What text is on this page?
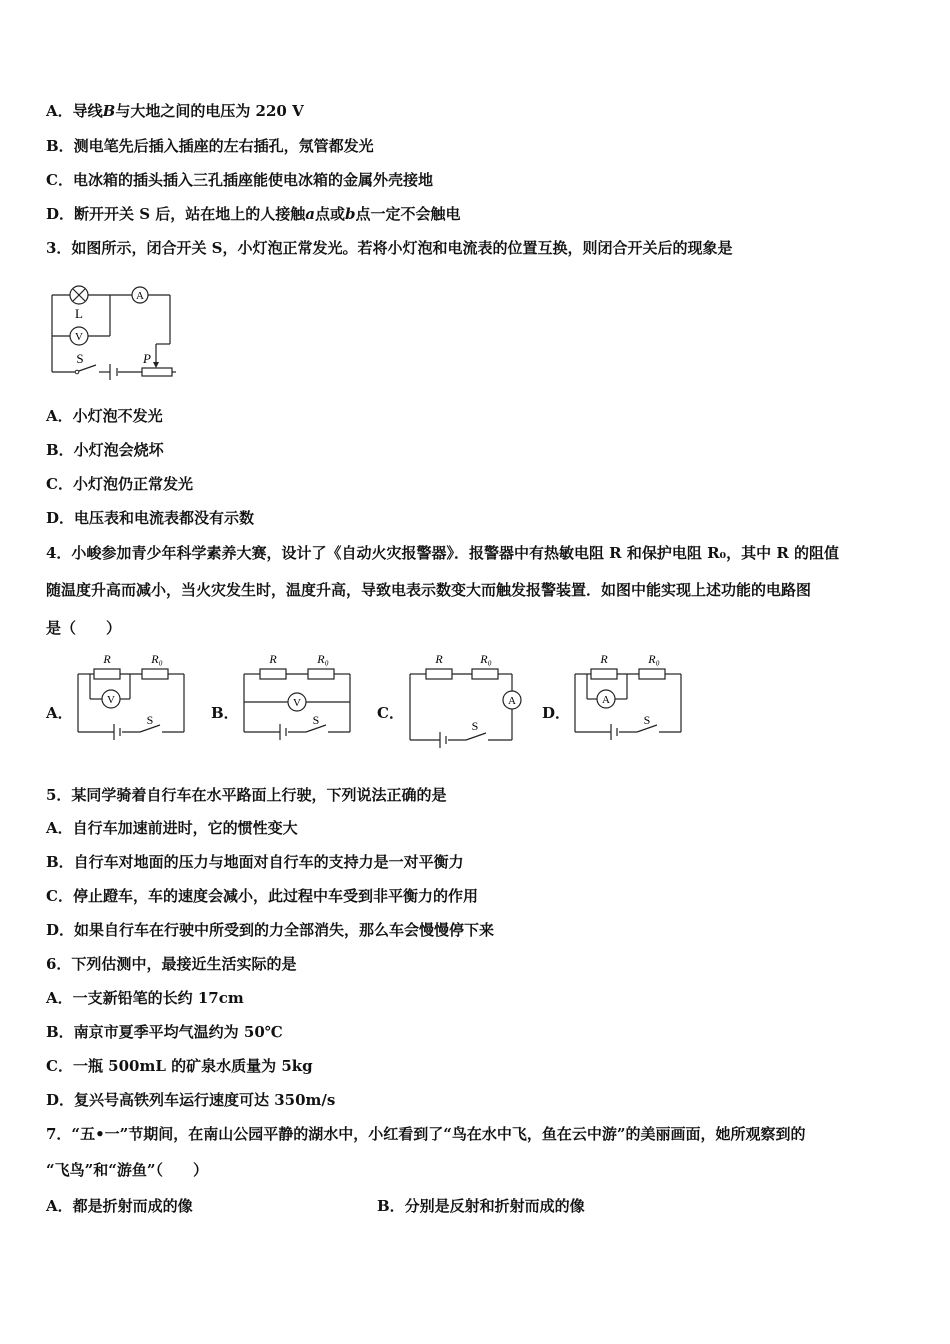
A．导线B与大地之间的电压为 220 V
B．测电笔先后插入插座的左右插孔，氖管都发光
C．电冰箱的插头插入三孔插座能使电冰箱的金属外壳接地
D．断开开关 S 后，站在地上的人接触a点或b点一定不会触电
3．如图所示，闭合开关 S，小灯泡正常发光。若将小灯泡和电流表的位置互换，则闭合开关后的现象是
A
V
L
S	P
A．小灯泡不发光
B．小灯泡会烧坏
C．小灯泡仍正常发光
D．电压表和电流表都没有示数
4．小峻参加青少年科学素养大赛，设计了《自动火灾报警器》．报警器中有热敏电阻 R 和保护电阻 R₀，其中 R 的阻值
随温度升高而减小，当火灾发生时，温度升高，导致电表示数变大而触发报警装置．如图中能实现上述功能的电路图
是（　　）
A．
V
R	R₀
S	B．
V
R	R₀
S	C．
A
R	R₀
S
D．
A
R	R₀
S
5．某同学骑着自行车在水平路面上行驶，下列说法正确的是
A．自行车加速前进时，它的惯性变大
B．自行车对地面的压力与地面对自行车的支持力是一对平衡力
C．停止蹬车，车的速度会减小，此过程中车受到非平衡力的作用
D．如果自行车在行驶中所受到的力全部消失，那么车会慢慢停下来
6．下列估测中，最接近生活实际的是
A．一支新铅笔的长约 17cm
B．南京市夏季平均气温约为 50℃
C．一瓶 500mL 的矿泉水质量为 5kg
D．复兴号高铁列车运行速度可达 350m/s
7．“五•一”节期间，在南山公园平静的湖水中，小红看到了“鸟在水中飞，鱼在云中游”的美丽画面，她所观察到的
“飞鸟”和“游鱼”（　　）
A．都是折射而成的像	B．分别是反射和折射而成的像
